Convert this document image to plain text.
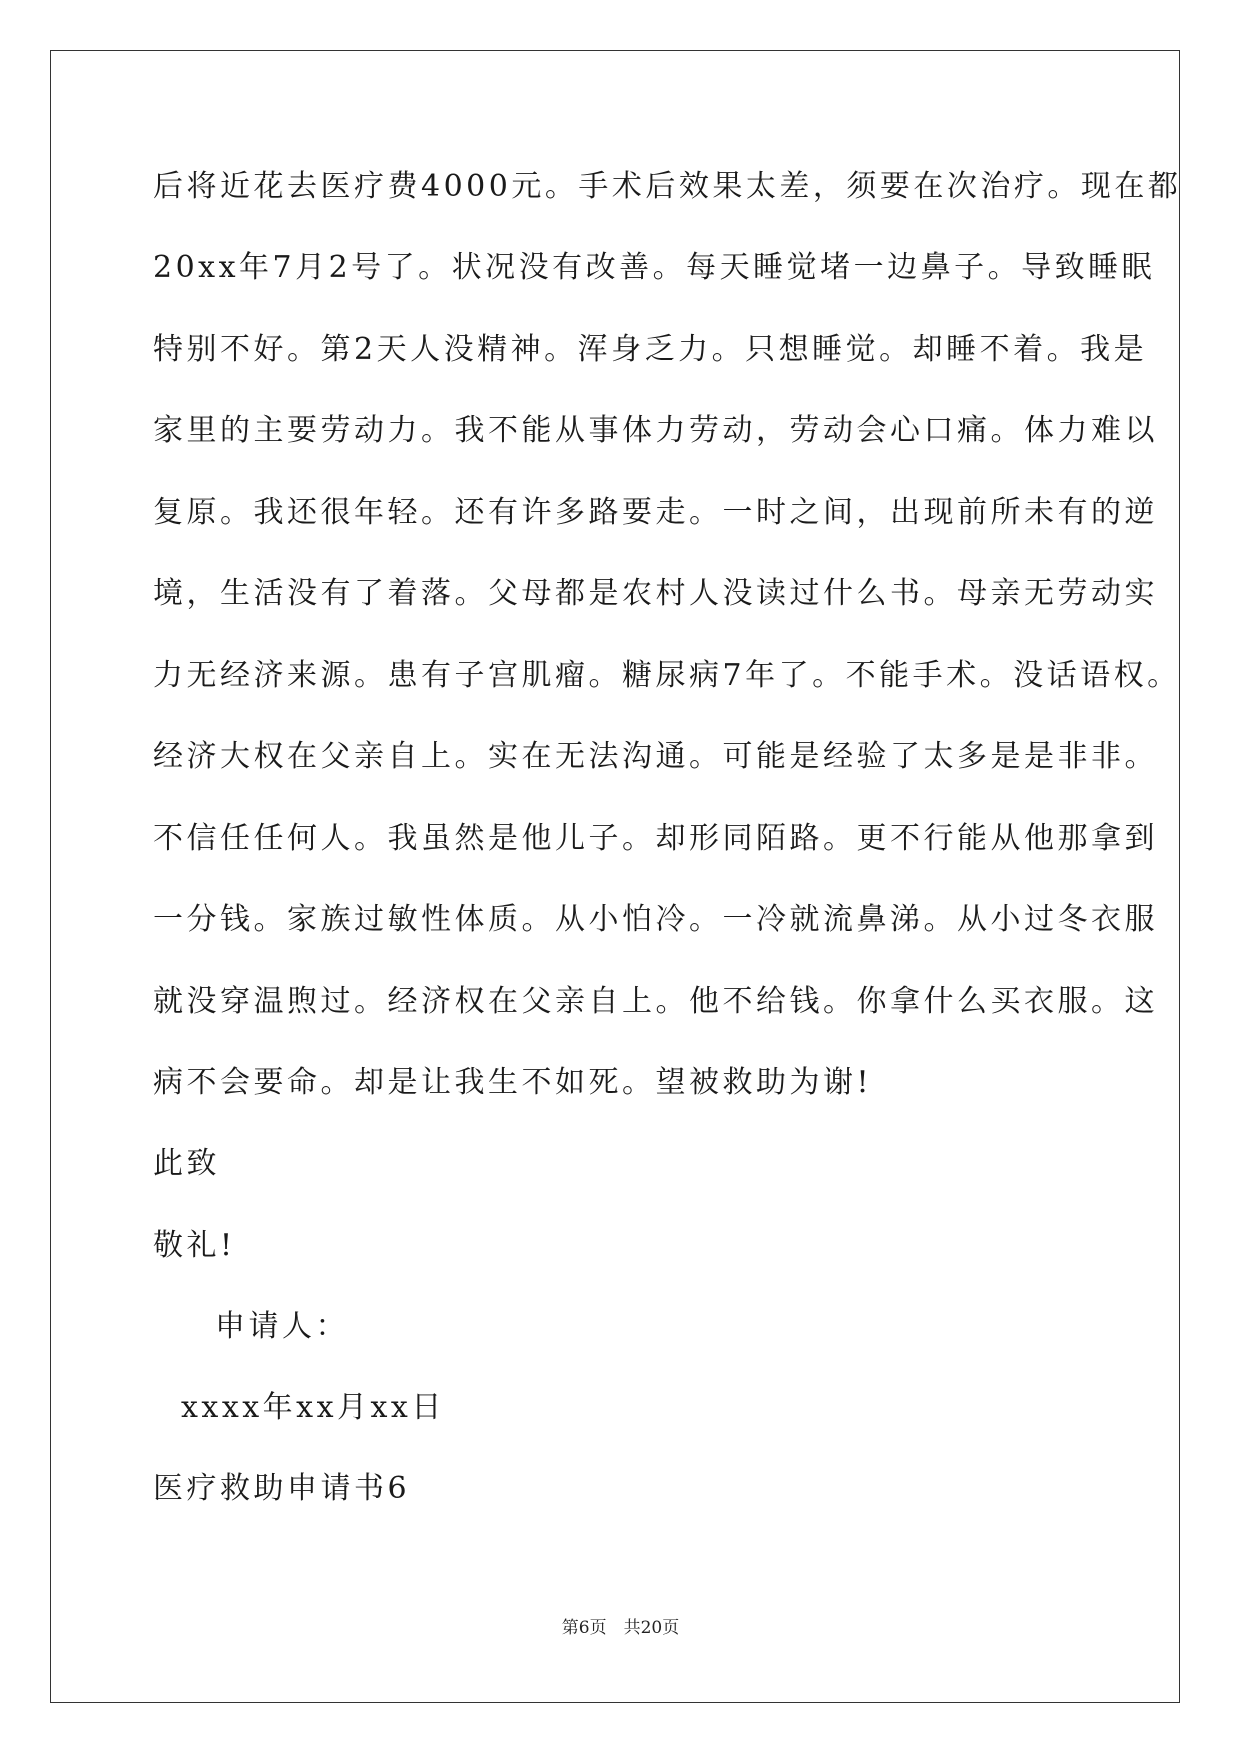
后将近花去医疗费4000元。手术后效果太差，须要在次治疗。现在都
20xx年7月2号了。状况没有改善。每天睡觉堵一边鼻子。导致睡眠
特别不好。第2天人没精神。浑身乏力。只想睡觉。却睡不着。我是
家里的主要劳动力。我不能从事体力劳动，劳动会心口痛。体力难以
复原。我还很年轻。还有许多路要走。一时之间，出现前所未有的逆
境，生活没有了着落。父母都是农村人没读过什么书。母亲无劳动实
力无经济来源。患有子宫肌瘤。糖尿病7年了。不能手术。没话语权。
经济大权在父亲自上。实在无法沟通。可能是经验了太多是是非非。
不信任任何人。我虽然是他儿子。却形同陌路。更不行能从他那拿到
一分钱。家族过敏性体质。从小怕冷。一冷就流鼻涕。从小过冬衣服
就没穿温煦过。经济权在父亲自上。他不给钱。你拿什么买衣服。这
病不会要命。却是让我生不如死。望被救助为谢!
此致
敬礼!
申请人：
xxxx年xx月xx日
医疗救助申请书6
第6页　共20页
